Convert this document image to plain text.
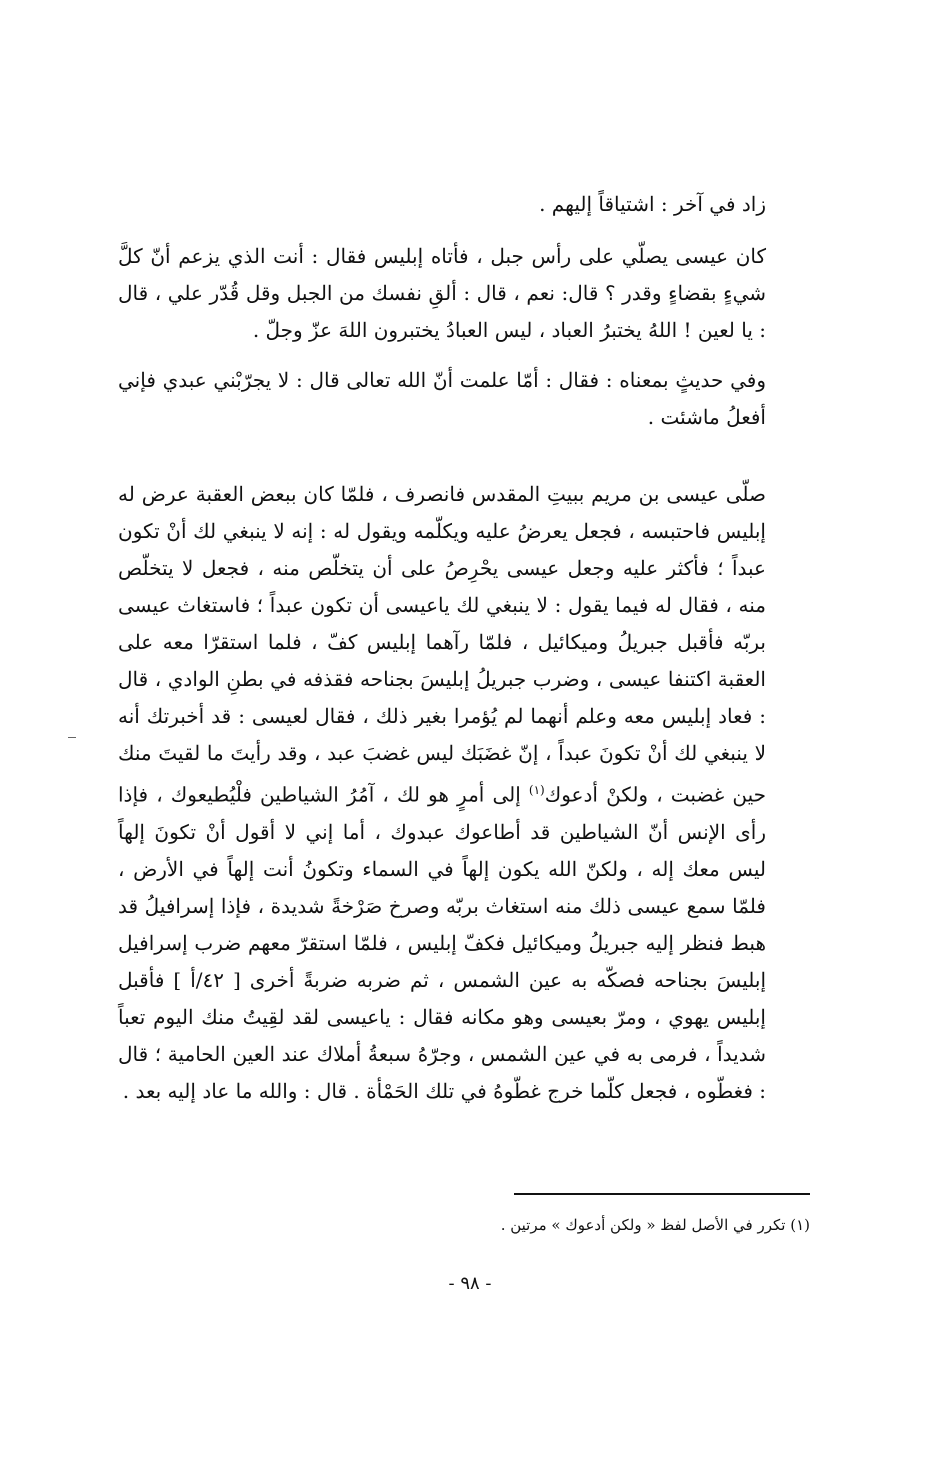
زاد في آخر : اشتياقاً إليهم .

كان عيسى يصلّي على رأس جبل ، فأتاه إبليس فقال : أنت الذي يزعم أنّ كلَّ شيءٍ بقضاءٍ وقدر ؟ قال: نعم ، قال : ألقِ نفسك من الجبل وقل قُدّر علي ، قال : يا لعين ! اللهُ يختبرُ العباد ، ليس العبادُ يختبرون اللهَ عزّ وجلّ .

وفي حديثٍ بمعناه : فقال : أمّا علمت أنّ الله تعالى قال : لا يجرّبْني عبدي فإني أفعلُ ماشئت .

صلّى عيسى بن مريم ببيتِ المقدس فانصرف ، فلمّا كان ببعض العقبة عرض له إبليس فاحتبسه ، فجعل يعرضُ عليه ويكلّمه ويقول له : إنه لا ينبغي لك أنْ تكون عبداً ؛ فأكثر عليه وجعل عيسى يحْرِصُ على أن يتخلّص منه ، فجعل لا يتخلّص منه ، فقال له فيما يقول : لا ينبغي لك ياعيسى أن تكون عبداً ؛ فاستغاث عيسى بربّه فأقبل جبريلُ وميكائيل ، فلمّا رآهما إبليس كفّ ، فلما استقرّا معه على العقبة اكتنفا عيسى ، وضرب جبريلُ إبليسَ بجناحه فقذفه في بطنِ الوادي ، قال : فعاد إبليس معه وعلم أنهما لم يُؤمرا بغير ذلك ، فقال لعيسى : قد أخبرتك أنه لا ينبغي لك أنْ تكونَ عبداً ، إنّ غضَبَك ليس غضبَ عبد ، وقد رأيتَ ما لقيتَ منك حين غضبت ، ولكنْ أدعوك$^{(١)}$ إلى أمرٍ هو لك ، آمُرُ الشياطين فلْيُطيعوك ، فإذا رأى الإنس أنّ الشياطين قد أطاعوك عبدوك ، أما إني لا أقول أنْ تكونَ إلهاً ليس معك إله ، ولكنّ الله يكون إلهاً في السماء وتكونُ أنت إلهاً في الأرض ، فلمّا سمع عيسى ذلك منه استغاث بربّه وصرخ صَرْخةً شديدة ، فإذا إسرافيلُ قد هبط فنظر إليه جبريلُ وميكائيل فكفّ إبليس ، فلمّا استقرّ معهم ضرب إسرافيل إبليسَ بجناحه فصكّه به عين الشمس ، ثم ضربه ضربةً أخرى [ ٤٢/أ ] فأقبل إبليس يهوي ، ومرّ بعيسى وهو مكانه فقال : ياعيسى لقد لقِيتُ منك اليوم تعباً شديداً ، فرمى به في عين الشمس ، وجرّهُ سبعةُ أملاك عند العين الحامية ؛ قال : فغطّوه ، فجعل كلّما خرج غطّوهُ في تلك الحَمْأة . قال : والله ما عاد إليه بعد .

(١) تكرر في الأصل لفظ « ولكن أدعوك » مرتين .
- ٩٨ -
